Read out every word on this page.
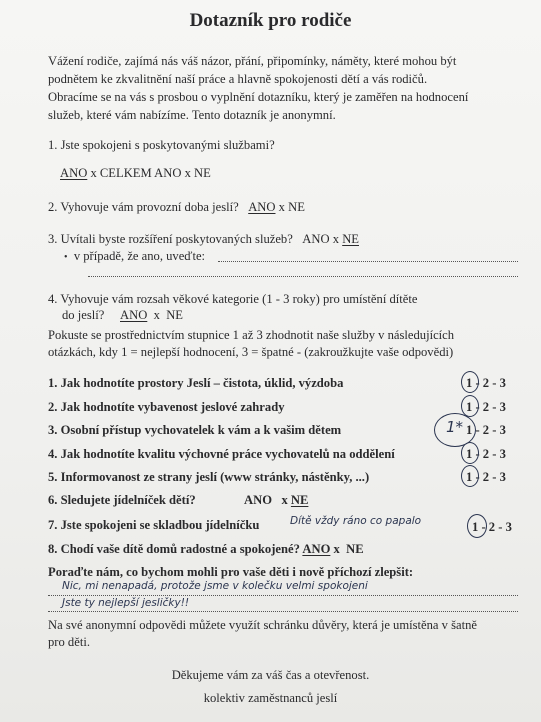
Dotazník pro rodiče
Vážení rodiče, zajímá nás váš názor, přání, připomínky, náměty, které mohou být
podnětem ke zkvalitnění naší práce a hlavně spokojenosti dětí a vás rodičů.
Obracíme se na vás s prosbou o vyplnění dotazníku, který je zaměřen na hodnocení
služeb, které vám nabízíme. Tento dotazník je anonymní.
1. Jste spokojeni s poskytovanými službami?
ANO x CELKEM ANO x NE
2. Vyhovuje vám provozní doba jeslí? ANO x NE
3. Uvítali byste rozšíření poskytovaných služeb? ANO x NE
• v případě, že ano, uveďte:
4. Vyhovuje vám rozsah věkové kategorie (1 - 3 roky) pro umístění dítěte
do jeslí? ANO x NE
Pokuste se prostřednictvím stupnice 1 až 3 zhodnotit naše služby v následujících
otázkách, kdy 1 = nejlepší hodnocení, 3 = špatné - (zakroužkujte vaše odpovědi)
1. Jak hodnotíte prostory Jeslí – čistota, úklid, výzdoba	1 - 2 - 3
2. Jak hodnotíte vybavenost jeslové zahrady	1 - 2 - 3
3. Osobní přístup vychovatelek k vám a k vašim dětem	1 - 2 - 3
1*
4. Jak hodnotíte kvalitu výchovné práce vychovatelů na oddělení	1 - 2 - 3
5. Informovanost ze strany jeslí (www stránky, nástěnky, ...)	1 - 2 - 3
6. Sledujete jídelníček dětí?	ANO x NE
7. Jste spokojeni se skladbou jídelníčku	Dítě vždy ráno co papalo	1 - 2 - 3
8. Chodí vaše dítě domů radostné a spokojené? ANO x NE
Poraďte nám, co bychom mohli pro vaše děti i nově příchozí zlepšit:
Nic, mi nenapadá, protože jsme v kolečku velmi spokojeni
Jste ty nejlepší jesličky!!
Na své anonymní odpovědi můžete využít schránku důvěry, která je umístěna v šatně
pro děti.
Děkujeme vám za váš čas a otevřenost.
kolektiv zaměstnanců jeslí
